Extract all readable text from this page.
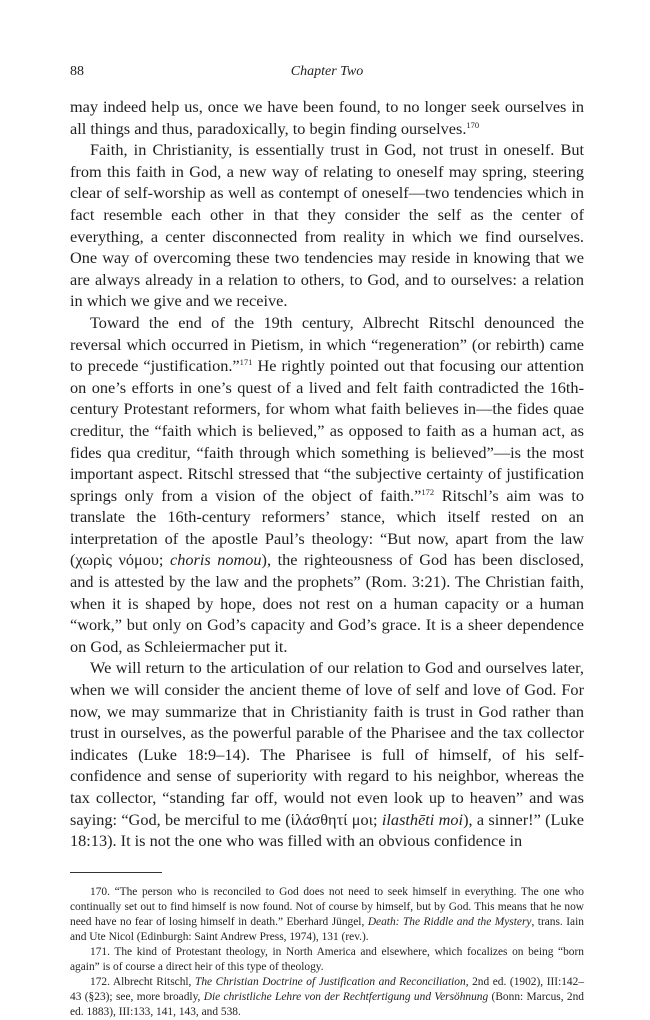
88	Chapter Two

may indeed help us, once we have been found, to no longer seek ourselves in all things and thus, paradoxically, to begin finding ourselves.$^{170}$

Faith, in Christianity, is essentially trust in God, not trust in oneself. But from this faith in God, a new way of relating to oneself may spring, steering clear of self-worship as well as contempt of oneself—two tendencies which in fact resemble each other in that they consider the self as the center of everything, a center disconnected from reality in which we find ourselves. One way of overcoming these two tendencies may reside in knowing that we are always already in a relation to others, to God, and to ourselves: a relation in which we give and we receive.

Toward the end of the 19th century, Albrecht Ritschl denounced the reversal which occurred in Pietism, in which “regeneration” (or rebirth) came to precede “justification.”$^{171}$ He rightly pointed out that focusing our attention on one’s efforts in one’s quest of a lived and felt faith contradicted the 16th-century Protestant reformers, for whom what faith believes in—the fides quae creditur, the “faith which is believed,” as opposed to faith as a human act, as fides qua creditur, “faith through which something is believed”—is the most important aspect. Ritschl stressed that “the subjective certainty of justification springs only from a vision of the object of faith.”$^{172}$ Ritschl’s aim was to translate the 16th-century reformers’ stance, which itself rested on an interpretation of the apostle Paul’s theology: “But now, apart from the law (χωρὶς νόμου; choris nomou), the righteousness of God has been disclosed, and is attested by the law and the prophets” (Rom. 3:21). The Christian faith, when it is shaped by hope, does not rest on a human capacity or a human “work,” but only on God’s capacity and God’s grace. It is a sheer dependence on God, as Schleiermacher put it.

We will return to the articulation of our relation to God and ourselves later, when we will consider the ancient theme of love of self and love of God. For now, we may summarize that in Christianity faith is trust in God rather than trust in ourselves, as the powerful parable of the Pharisee and the tax collector indicates (Luke 18:9–14). The Pharisee is full of himself, of his self-confidence and sense of superiority with regard to his neighbor, whereas the tax collector, “standing far off, would not even look up to heaven” and was saying: “God, be merciful to me (ἱλάσθητί μοι; ilasthēti moi), a sinner!” (Luke 18:13). It is not the one who was filled with an obvious confidence in

170. “The person who is reconciled to God does not need to seek himself in everything. The one who continually set out to find himself is now found. Not of course by himself, but by God. This means that he now need have no fear of losing himself in death.” Eberhard Jüngel, Death: The Riddle and the Mystery, trans. Iain and Ute Nicol (Edinburgh: Saint Andrew Press, 1974), 131 (rev.).

171. The kind of Protestant theology, in North America and elsewhere, which focalizes on being “born again” is of course a direct heir of this type of theology.

172. Albrecht Ritschl, The Christian Doctrine of Justification and Reconciliation, 2nd ed. (1902), III:142–43 (§23); see, more broadly, Die christliche Lehre von der Rechtfertigung und Versöhnung (Bonn: Marcus, 2nd ed. 1883), III:133, 141, 143, and 538.
